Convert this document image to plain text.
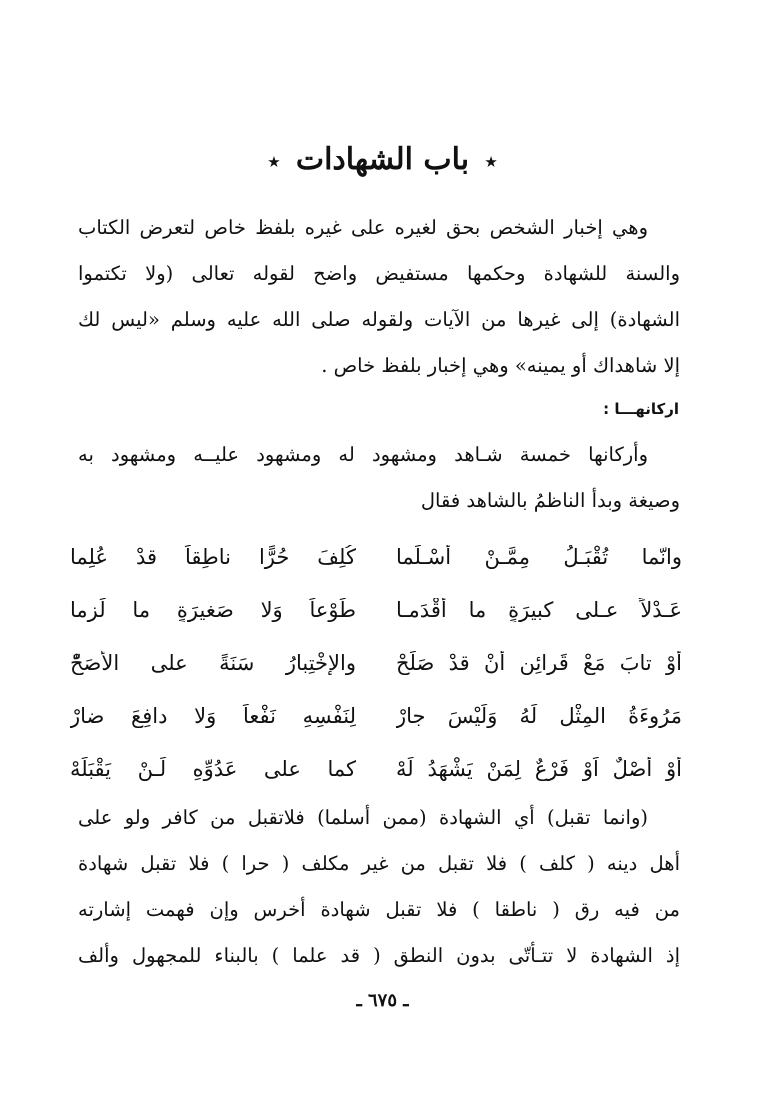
٭ باب الشهادات ٭
وهي إخبار الشخص بحق لغيره على غيره بلفظ خاص لتعرض الكتاب
والسنة للشهادة وحكمها مستفيض واضح لقوله تعالى (ولا تكتموا
الشهادة) إلى غيرها من الآيات ولقوله صلى الله عليه وسلم «ليس لك
إلا شاهداك أو يمينه» وهي إخبار بلفظ خاص .
اركانهـــا :
وأركانها خمسة شـاهد ومشهود له ومشهود عليــه ومشهود به
وصيغة وبدأ الناظمُ بالشاهد فقال
وانّما تُقْبَـلُ مِمَّـنْ أَسْـلَما
كُلِفَ حُرًّا ناطِقاً قدْ عُلِما
عَـدْلاً عـلى كبيرَةٍ ما أَقْدَمـا
طَوْعاً وَلا صَغيرَةٍ ما لَزِما
أَوْ تابَ مَعْ قَرائِنٍ أَنْ قدْ صَلَحْ
والإِخْتِبارُ سَنَةً على الأَصَحّْ
مَرُوءَةُ المِثْلِ لَهُ وَلَيْسَ جارْ
لِنَفْسِهِ نَفْعاً وَلا دافِعَ ضارْ
أَوْ أَصْلٌ اَوْ فَرْعٌ لِمَنْ يَشْهَدُ لَهْ
كما على عَدُوِّهِ لَـنْ يَقْبَلَهْ
(وانما تقبل) أي الشهادة (ممن أسلما) فلاتقبل من كافر ولو على
أهل دينه ( كلف ) فلا تقبل من غير مكلف ( حرا ) فلا تقبل شهادة
من فيه رق ( ناطقا ) فلا تقبل شهادة أخرس وإن فهمت إشارته
إذ الشهادة لا تتـأتّى بدون النطق ( قد علما ) بالبناء للمجهول وألف
ـ ٦٧٥ ـ
